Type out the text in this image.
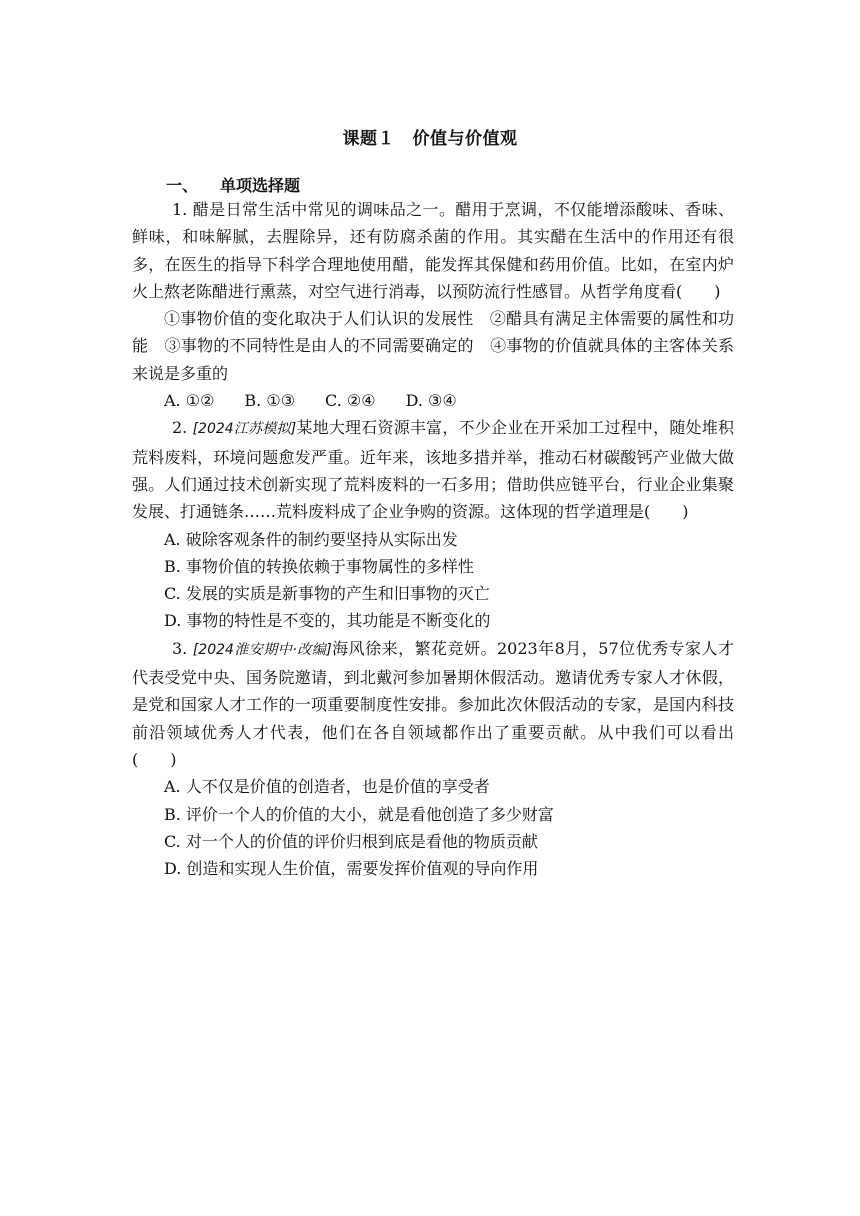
课题１　价值与价值观
一、 单项选择题

1. 醋是日常生活中常见的调味品之一。醋用于烹调，不仅能增添酸味、香味、鲜味，和味解腻，去腥除异，还有防腐杀菌的作用。其实醋在生活中的作用还有很多，在医生的指导下科学合理地使用醋，能发挥其保健和药用价值。比如，在室内炉火上熬老陈醋进行熏蒸，对空气进行消毒，以预防流行性感冒。从哲学角度看(　　)

①事物价值的变化取决于人们认识的发展性　②醋具有满足主体需要的属性和功能　③事物的不同特性是由人的不同需要确定的　④事物的价值就具体的主客体关系来说是多重的

A. ①② B. ①③ C. ②④ D. ③④

2. [2024江苏模拟]某地大理石资源丰富，不少企业在开采加工过程中，随处堆积荒料废料，环境问题愈发严重。近年来，该地多措并举，推动石材碳酸钙产业做大做强。人们通过技术创新实现了荒料废料的一石多用；借助供应链平台，行业企业集聚发展、打通链条……荒料废料成了企业争购的资源。这体现的哲学道理是(　　)

A. 破除客观条件的制约要坚持从实际出发

B. 事物价值的转换依赖于事物属性的多样性

C. 发展的实质是新事物的产生和旧事物的灭亡

D. 事物的特性是不变的，其功能是不断变化的

3. [2024淮安期中·改编]海风徐来，繁花竞妍。2023年8月，57位优秀专家人才代表受党中央、国务院邀请，到北戴河参加暑期休假活动。邀请优秀专家人才休假，是党和国家人才工作的一项重要制度性安排。参加此次休假活动的专家，是国内科技前沿领域优秀人才代表，他们在各自领域都作出了重要贡献。从中我们可以看出(　　)

A. 人不仅是价值的创造者，也是价值的享受者

B. 评价一个人的价值的大小，就是看他创造了多少财富

C. 对一个人的价值的评价归根到底是看他的物质贡献

D. 创造和实现人生价值，需要发挥价值观的导向作用
